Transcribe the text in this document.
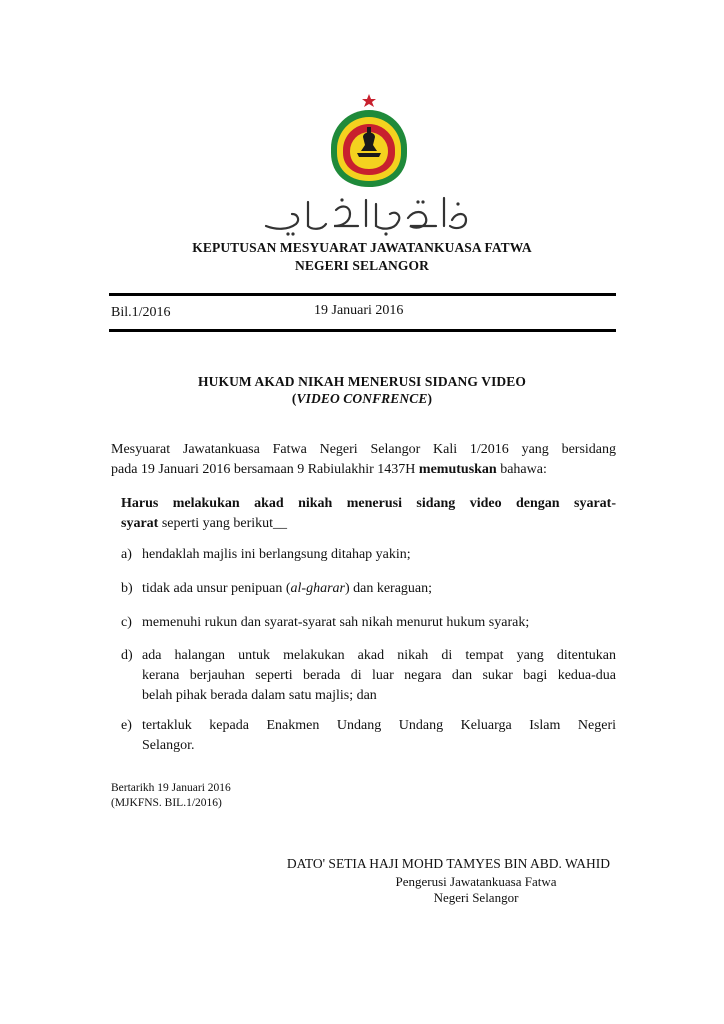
KEPUTUSAN MESYUARAT JAWATANKUASA FATWA
NEGERI SELANGOR
Bil.1/2016	19 Januari 2016
HUKUM AKAD NIKAH MENERUSI SIDANG VIDEO
(VIDEO CONFRENCE)
Mesyuarat Jawatankuasa Fatwa Negeri Selangor Kali 1/2016 yang bersidang
pada 19 Januari 2016 bersamaan 9 Rabiulakhir 1437H memutuskan bahawa:
Harus melakukan akad nikah menerusi sidang video dengan syarat-
syarat seperti yang berikut__
a) hendaklah majlis ini berlangsung ditahap yakin;
b) tidak ada unsur penipuan (al-gharar) dan keraguan;
c) memenuhi rukun dan syarat-syarat sah nikah menurut hukum syarak;
d) ada halangan untuk melakukan akad nikah di tempat yang ditentukan
kerana berjauhan seperti berada di luar negara dan sukar bagi kedua-dua
belah pihak berada dalam satu majlis; dan
e) tertakluk kepada Enakmen Undang Undang Keluarga Islam Negeri
Selangor.
Bertarikh 19 Januari 2016
(MJKFNS. BIL.1/2016)
DATO' SETIA HAJI MOHD TAMYES BIN ABD. WAHID
Pengerusi Jawatankuasa Fatwa
Negeri Selangor
